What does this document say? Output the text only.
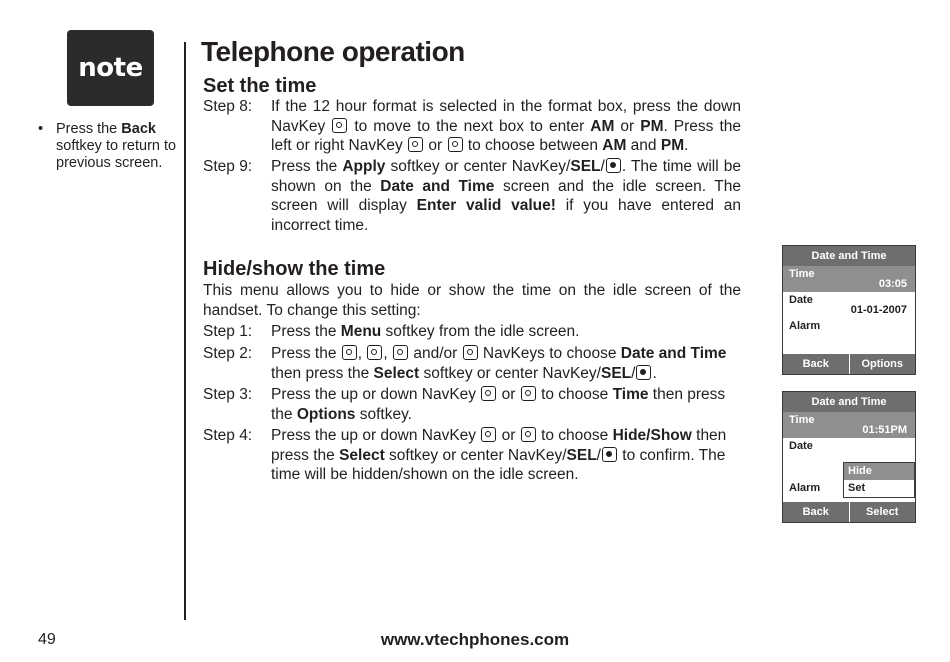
note
• Press the Back softkey to return to previous screen.
Telephone operation
Set the time
Step 8: If the 12 hour format is selected in the format box, press the down NavKey  to move to the next box to enter AM or PM. Press the left or right NavKey  or  to choose between AM and PM.
Step 9: Press the Apply softkey or center NavKey/SEL/ . The time will be shown on the Date and Time screen and the idle screen. The screen will display Enter valid value! if you have entered an incorrect time.
Hide/show the time
This menu allows you to hide or show the time on the idle screen of the handset. To change this setting:
Step 1: Press the Menu softkey from the idle screen.
Step 2: Press the , ,  and/or  NavKeys to choose Date and Time then press the Select softkey or center NavKey/SEL/ .
Step 3: Press the up or down NavKey  or  to choose Time then press the Options softkey.
Step 4: Press the up or down NavKey  or  to choose Hide/Show then press the Select softkey or center NavKey/SEL/ to confirm. The time will be hidden/shown on the idle screen.
Date and Time
Time
03:05
Date
01-01-2007
Alarm
Back	Options
Date and Time
Time
01:51PM
Date
Alarm
Hide
Set
Back	Select
49	www.vtechphones.com
